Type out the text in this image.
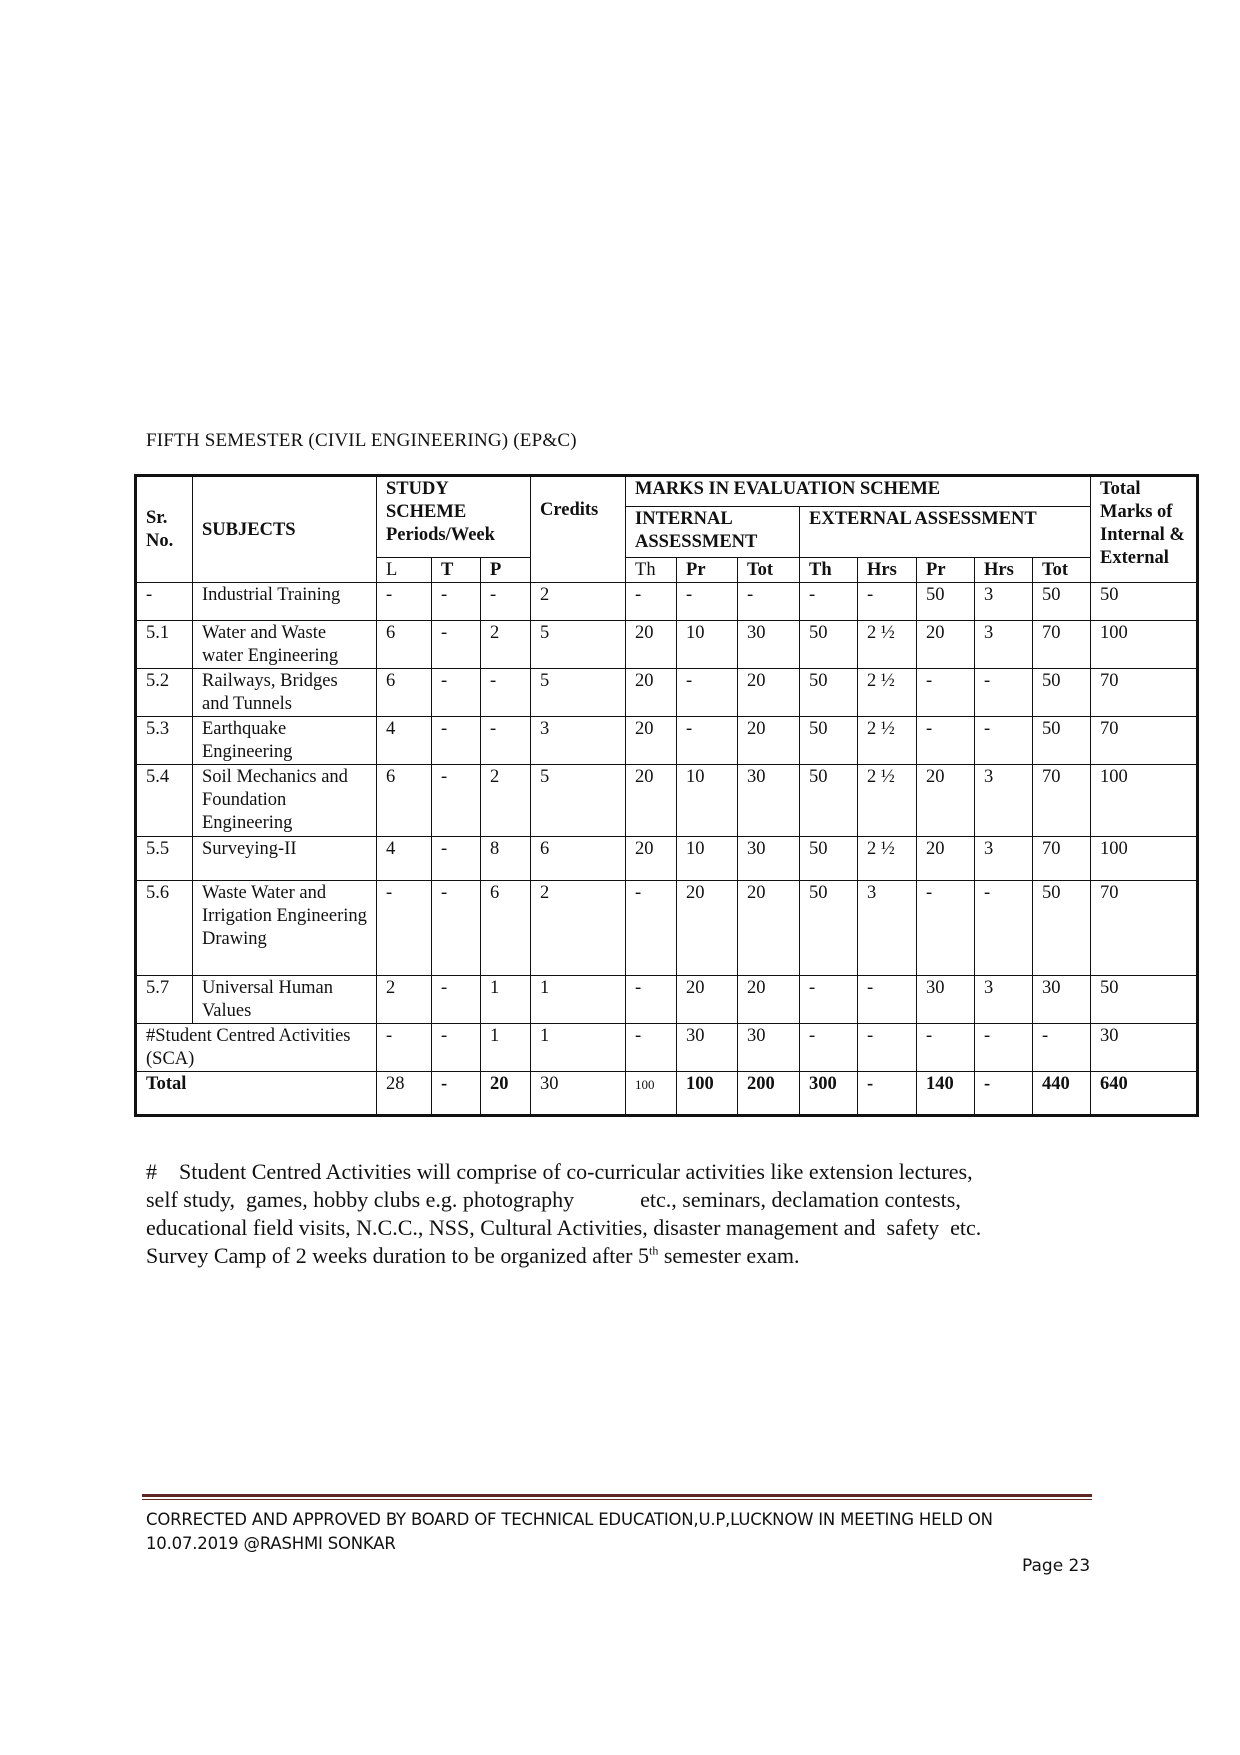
FIFTH SEMESTER (CIVIL ENGINEERING) (EP&C)
Sr. No.	SUBJECTS	STUDY SCHEME Periods/Week			Credits	MARKS IN EVALUATION SCHEME								Total Marks of Internal & External
						INTERNAL ASSESSMENT			EXTERNAL ASSESSMENT					
		L	T	P		Th	Pr	Tot	Th	Hrs	Pr	Hrs	Tot	
-	Industrial Training	-	-	-	2	-	-	-	-	-	50	3	50	50
5.1	Water and Waste water Engineering	6	-	2	5	20	10	30	50	2 ½	20	3	70	100
5.2	Railways, Bridges and Tunnels	6	-	-	5	20	-	20	50	2 ½	-	-	50	70
5.3	Earthquake Engineering	4	-	-	3	20	-	20	50	2 ½	-	-	50	70
5.4	Soil Mechanics and Foundation Engineering	6	-	2	5	20	10	30	50	2 ½	20	3	70	100
5.5	Surveying-II	4	-	8	6	20	10	30	50	2 ½	20	3	70	100
5.6	Waste Water and Irrigation Engineering Drawing	-	-	6	2	-	20	20	50	3	-	-	50	70
5.7	Universal Human Values	2	-	1	1	-	20	20	-	-	30	3	30	50
#Student Centred Activities (SCA)		-	-	1	1	-	30	30	-	-	-	-	-	30
Total		28	-	20	30	100	100	200	300	-	140	-	440	640

#    Student Centred Activities will comprise of co-curricular activities like extension lectures,

self study,  games, hobby clubs e.g. photography            etc., seminars, declamation contests,

educational field visits, N.C.C., NSS, Cultural Activities, disaster management and  safety  etc.

Survey Camp of 2 weeks duration to be organized after 5th semester exam.

CORRECTED AND APPROVED BY BOARD OF TECHNICAL EDUCATION,U.P,LUCKNOW IN MEETING HELD ON
10.07.2019 @RASHMI SONKAR
Page 23
